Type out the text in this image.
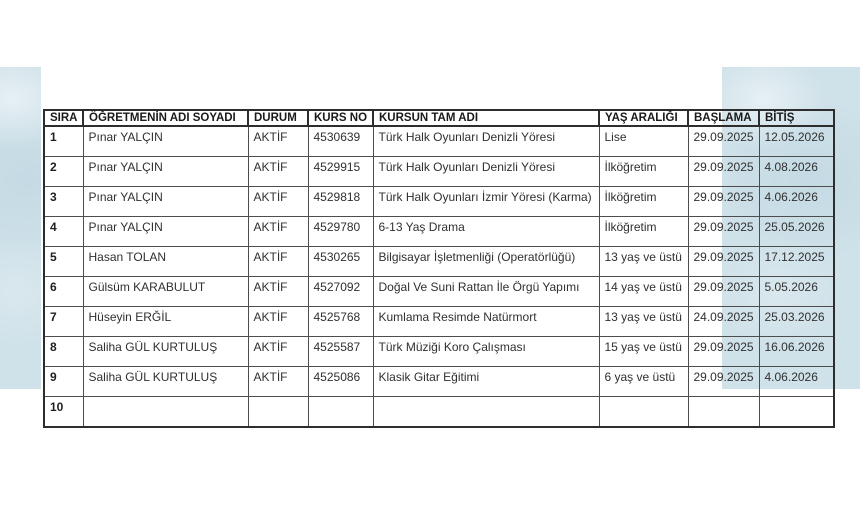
SIRA	ÖĞRETMENİN ADI SOYADI	DURUM	KURS NO	KURSUN TAM ADI	YAŞ ARALIĞI	BAŞLAMA	BİTİŞ
1	Pınar YALÇIN	AKTİF	4530639	Türk Halk Oyunları Denizli Yöresi	Lise	29.09.2025	12.05.2026
2	Pınar YALÇIN	AKTİF	4529915	Türk Halk Oyunları Denizli Yöresi	İlköğretim	29.09.2025	4.08.2026
3	Pınar YALÇIN	AKTİF	4529818	Türk Halk Oyunları İzmir Yöresi (Karma)	İlköğretim	29.09.2025	4.06.2026
4	Pınar YALÇIN	AKTİF	4529780	6-13 Yaş Drama	İlköğretim	29.09.2025	25.05.2026
5	Hasan TOLAN	AKTİF	4530265	Bilgisayar İşletmenliği (Operatörlüğü)	13 yaş ve üstü	29.09.2025	17.12.2025
6	Gülsüm KARABULUT	AKTİF	4527092	Doğal Ve Suni Rattan İle Örgü Yapımı	14 yaş ve üstü	29.09.2025	5.05.2026
7	Hüseyin ERĞİL	AKTİF	4525768	Kumlama Resimde Natürmort	13 yaş ve üstü	24.09.2025	25.03.2026
8	Saliha GÜL KURTULUŞ	AKTİF	4525587	Türk Müziği Koro Çalışması	15 yaş ve üstü	29.09.2025	16.06.2026
9	Saliha GÜL KURTULUŞ	AKTİF	4525086	Klasik Gitar Eğitimi	6 yaş ve üstü	29.09.2025	4.06.2026
10							
